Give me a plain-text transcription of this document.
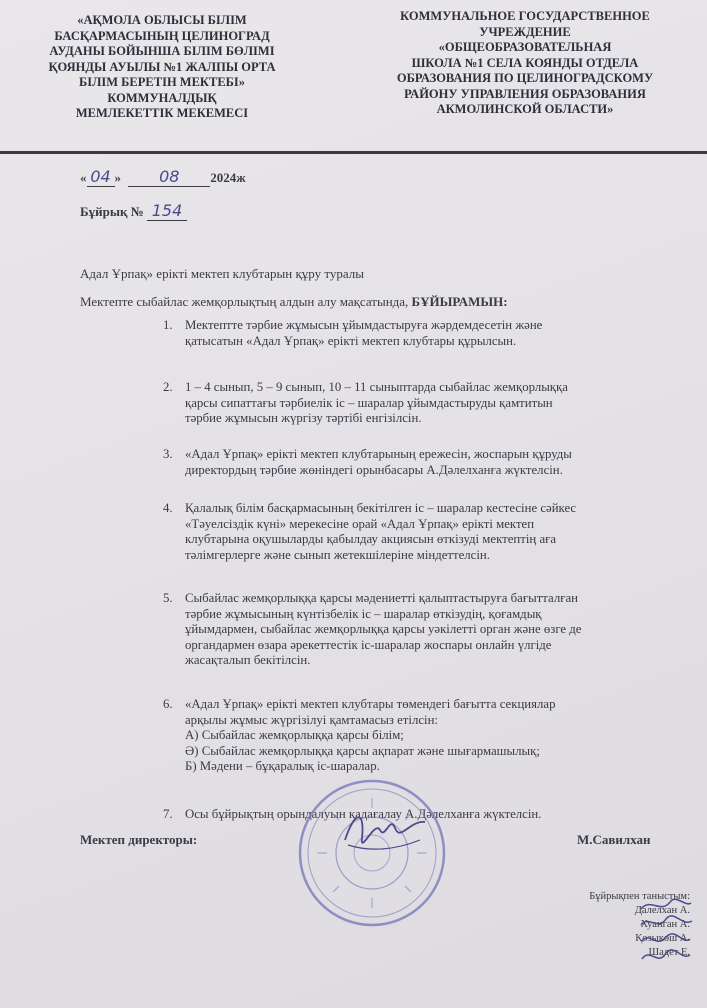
«АҚМОЛА ОБЛЫСЫ БІЛІМ
БАСҚАРМАСЫНЫҢ ЦЕЛИНОГРАД
АУДАНЫ БОЙЫНША БІЛІМ БӨЛІМІ
ҚОЯНДЫ АУЫЛЫ №1 ЖАЛПЫ ОРТА
БІЛІМ БЕРЕТІН МЕКТЕБІ»
КОММУНАЛДЫҚ
МЕМЛЕКЕТТІК МЕКЕМЕСІ
КОММУНАЛЬНОЕ ГОСУДАРСТВЕННОЕ
УЧРЕЖДЕНИЕ
«ОБЩЕОБРАЗОВАТЕЛЬНАЯ
ШКОЛА №1 СЕЛА КОЯНДЫ ОТДЕЛА
ОБРАЗОВАНИЯ ПО ЦЕЛИНОГРАДСКОМУ
РАЙОНУ УПРАВЛЕНИЯ ОБРАЗОВАНИЯ
АКМОЛИНСКОЙ ОБЛАСТИ»
« 04 » 08 2024ж
Бұйрық № 154
Адал Ұрпақ» ерікті мектеп клубтарын құру туралы
Мектепте сыбайлас жемқорлықтың алдын алу мақсатында, БҰЙЫРАМЫН:
1. Мектептте тәрбие жұмысын ұйымдастыруға жәрдемдесетін және
қатысатын «Адал Ұрпақ» ерікті мектеп клубтары құрылсын.
2. 1 – 4 сынып, 5 – 9 сынып, 10 – 11 сыныптарда сыбайлас жемқорлыққа
қарсы сипаттағы тәрбиелік іс – шаралар ұйымдастыруды қамтитын
тәрбие жұмысын жүргізу тәртібі енгізілсін.
3. «Адал Ұрпақ» ерікті мектеп клубтарының ережесін, жоспарын құруды
директордың тәрбие жөніндегі орынбасары А.Дәлелханға жүктелсін.
4. Қалалық білім басқармасының бекітілген іс – шаралар кестесіне сәйкес
«Тәуелсіздік күні» мерекесіне орай «Адал Ұрпақ» ерікті мектеп
клубтарына оқушыларды қабылдау акциясын өткізуді мектептің аға
тәлімгерлерге және сынып жетекшілеріне міндеттелсін.
5. Сыбайлас жемқорлыққа қарсы мәдениетті қалыптастыруға бағытталған
тәрбие жұмысының күнтізбелік іс – шаралар өткізудің, қоғамдық
ұйымдармен, сыбайлас жемқорлыққа қарсы уәкілетті орган және өзге де
органдармен өзара әрекеттестік іс-шаралар жоспары онлайн үлгіде
жасақталып бекітілсін.
6. «Адал Ұрпақ» ерікті мектеп клубтары төмендегі бағытта секциялар
арқылы жұмыс жүргізілуі қамтамасыз етілсін:
А) Сыбайлас жемқорлыққа қарсы білім;
Ә) Сыбайлас жемқорлыққа қарсы ақпарат және шығармашылық;
Б) Мәдени – бұқаралық іс-шаралар.
7. Осы бұйрықтың орындалуын қадағалау А.Дәлелханға жүктелсін.
Мектеп директоры:	М.Савилхан
Бұйрықпен таныстым:
Далелхан А.
Хуанган А.
Қозыкөш А.
Шадет Е.
